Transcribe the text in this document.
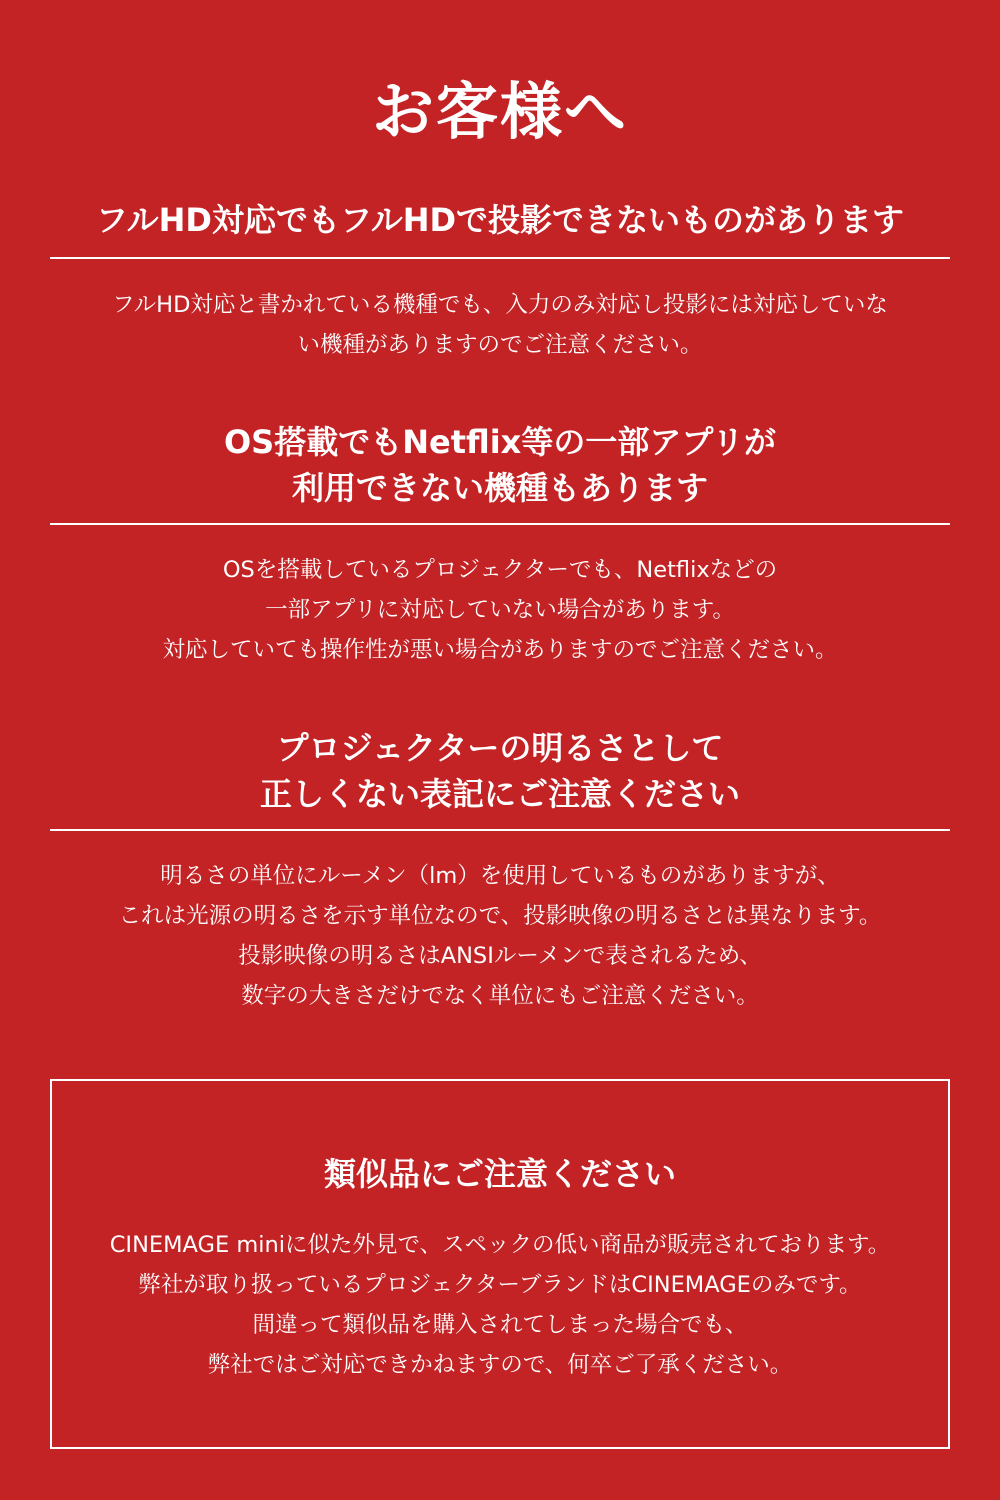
お客様へ
フルHD対応でもフルHDで投影できないものがあります
フルHD対応と書かれている機種でも、入力のみ対応し投影には対応していな
い機種がありますのでご注意ください。
OS搭載でもNetflix等の一部アプリが
利用できない機種もあります
OSを搭載しているプロジェクターでも、Netflixなどの
一部アプリに対応していない場合があります。
対応していても操作性が悪い場合がありますのでご注意ください。
プロジェクターの明るさとして
正しくない表記にご注意ください
明るさの単位にルーメン（lm）を使用しているものがありますが、
これは光源の明るさを示す単位なので、投影映像の明るさとは異なります。
投影映像の明るさはANSIルーメンで表されるため、
数字の大きさだけでなく単位にもご注意ください。
類似品にご注意ください
CINEMAGE miniに似た外見で、スペックの低い商品が販売されております。
弊社が取り扱っているプロジェクターブランドはCINEMAGEのみです。
間違って類似品を購入されてしまった場合でも、
弊社ではご対応できかねますので、何卒ご了承ください。
